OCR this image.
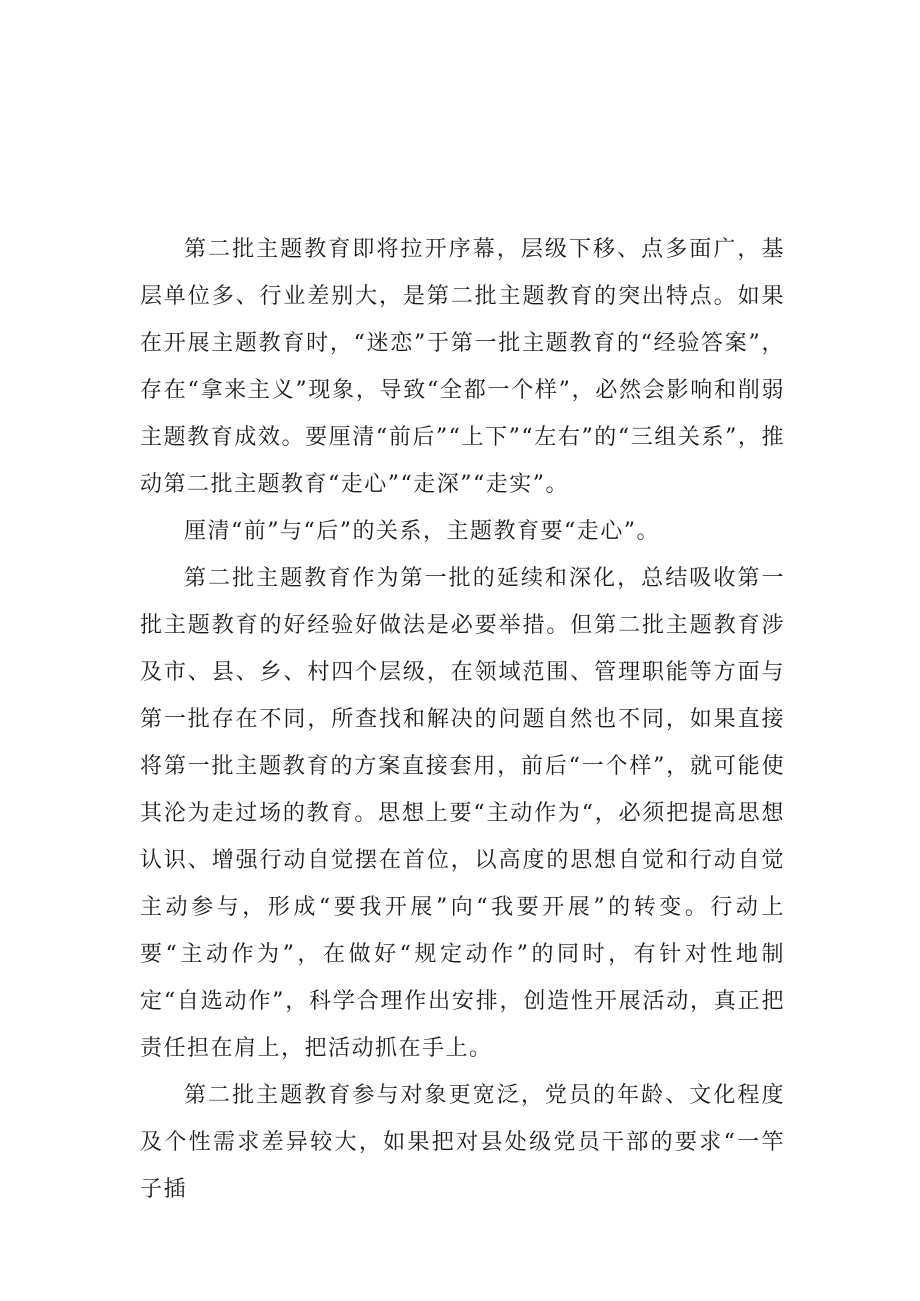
第二批主题教育即将拉开序幕，层级下移、点多面广，基层单位多、行业差别大，是第二批主题教育的突出特点。如果在开展主题教育时，“迷恋”于第一批主题教育的“经验答案”，存在“拿来主义”现象，导致“全都一个样”，必然会影响和削弱主题教育成效。要厘清“前后”“上下”“左右”的“三组关系”，推动第二批主题教育“走心”“走深”“走实”。

厘清“前”与“后”的关系，主题教育要“走心”。

第二批主题教育作为第一批的延续和深化，总结吸收第一批主题教育的好经验好做法是必要举措。但第二批主题教育涉及市、县、乡、村四个层级，在领域范围、管理职能等方面与第一批存在不同，所查找和解决的问题自然也不同，如果直接将第一批主题教育的方案直接套用，前后“一个样”，就可能使其沦为走过场的教育。思想上要“主动作为“，必须把提高思想认识、增强行动自觉摆在首位，以高度的思想自觉和行动自觉主动参与，形成“要我开展”向“我要开展”的转变。行动上要“主动作为”，在做好“规定动作”的同时，有针对性地制定“自选动作”，科学合理作出安排，创造性开展活动，真正把责任担在肩上，把活动抓在手上。

第二批主题教育参与对象更宽泛，党员的年龄、文化程度及个性需求差异较大，如果把对县处级党员干部的要求“一竿子插
